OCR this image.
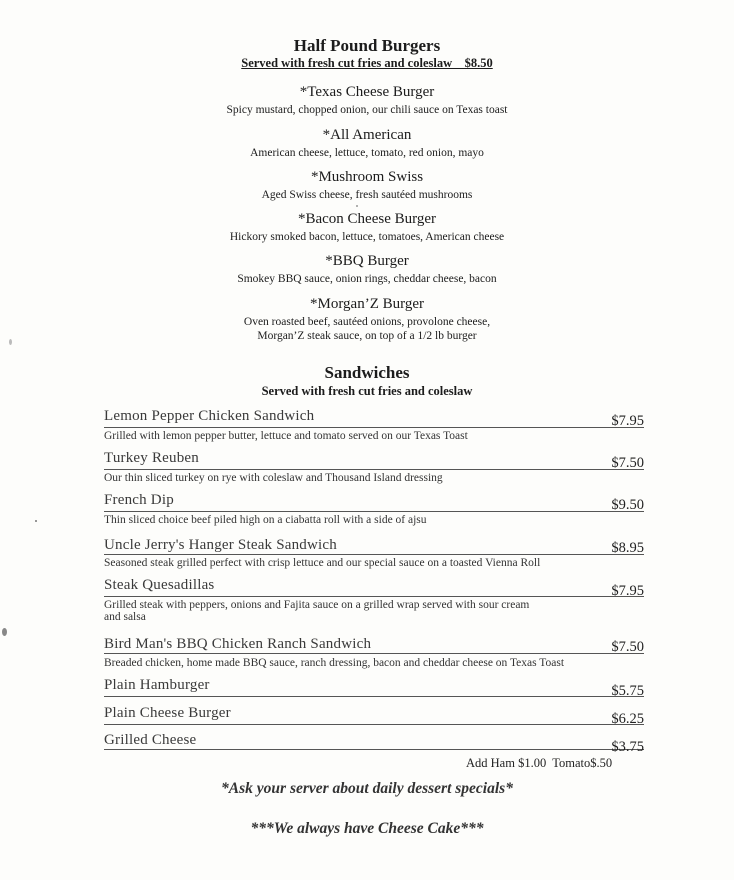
Half Pound Burgers
Served with fresh cut fries and coleslaw    $8.50
*Texas Cheese Burger
Spicy mustard, chopped onion, our chili sauce on Texas toast
*All American
American cheese, lettuce, tomato, red onion, mayo
*Mushroom Swiss
Aged Swiss cheese, fresh sautéed mushrooms
*Bacon Cheese Burger
Hickory smoked bacon, lettuce, tomatoes, American cheese
*BBQ Burger
Smokey BBQ sauce, onion rings, cheddar cheese, bacon
*Morgan’Z Burger
Oven roasted beef, sautéed onions, provolone cheese,
Morgan’Z steak sauce, on top of a 1/2 lb burger
Sandwiches
Served with fresh cut fries and coleslaw
Lemon Pepper Chicken Sandwich	$7.95
Grilled with lemon pepper butter, lettuce and tomato served on our Texas Toast
Turkey Reuben	$7.50
Our thin sliced turkey on rye with coleslaw and Thousand Island dressing
French Dip	$9.50
Thin sliced choice beef piled high on a ciabatta roll with a side of ajsu
Uncle Jerry's Hanger Steak Sandwich	$8.95
Seasoned steak grilled perfect with crisp lettuce and our special sauce on a toasted Vienna Roll
Steak Quesadillas	$7.95
Grilled steak with peppers, onions and Fajita sauce on a grilled wrap served with sour cream
and salsa
Bird Man's BBQ Chicken Ranch Sandwich	$7.50
Breaded chicken, home made BBQ sauce, ranch dressing, bacon and cheddar cheese on Texas Toast
Plain Hamburger	$5.75
Plain Cheese Burger	$6.25
Grilled Cheese	$3.75
Add Ham $1.00  Tomato$.50
*Ask your server about daily dessert specials*
***We always have Cheese Cake***
